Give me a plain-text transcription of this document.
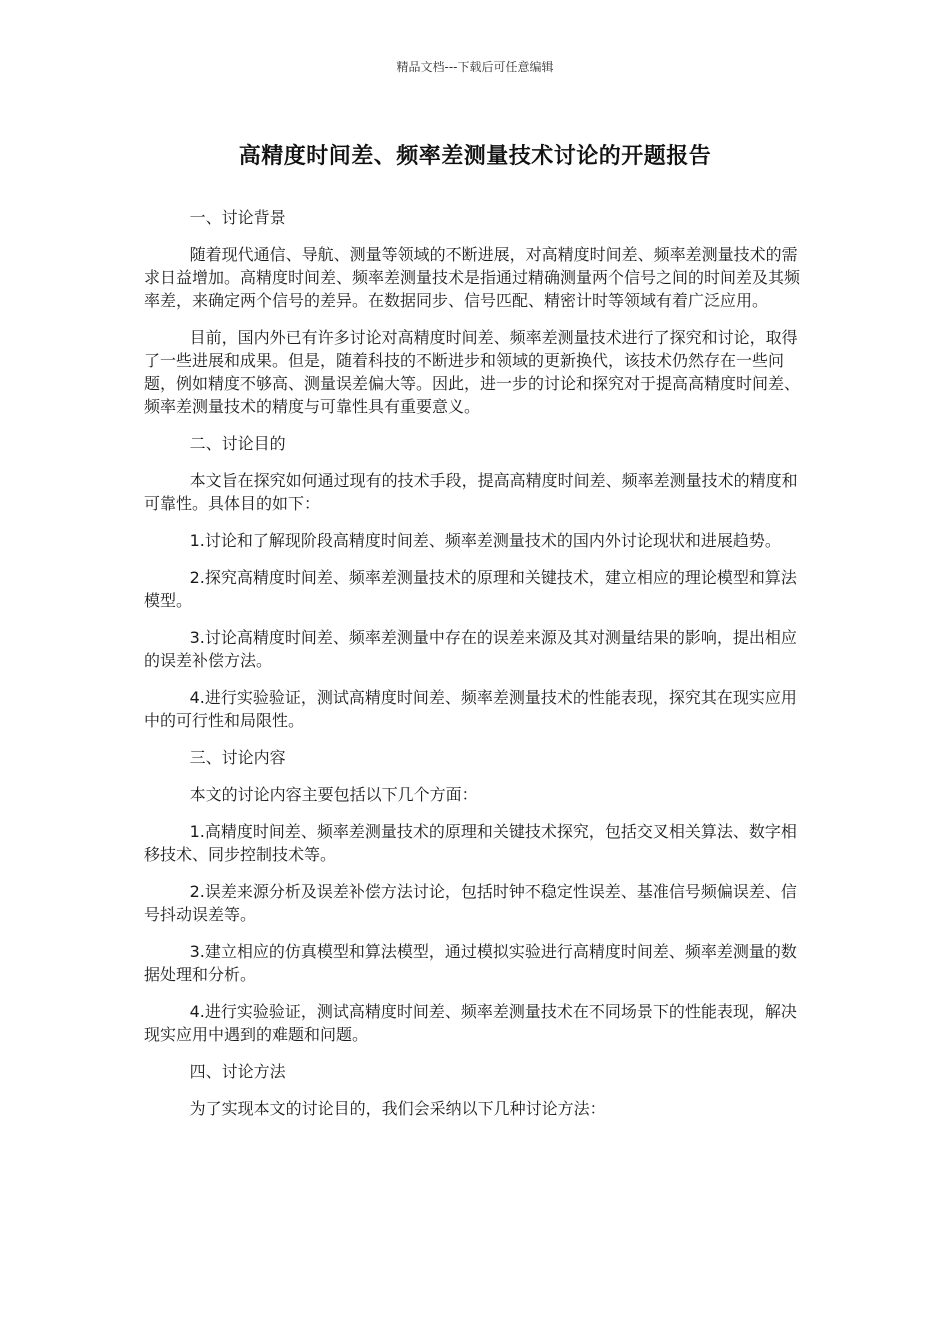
精品文档---下载后可任意编辑
高精度时间差、频率差测量技术讨论的开题报告

一、讨论背景

随着现代通信、导航、测量等领域的不断进展，对高精度时间差、频率差测量技术的需求日益增加。高精度时间差、频率差测量技术是指通过精确测量两个信号之间的时间差及其频率差，来确定两个信号的差异。在数据同步、信号匹配、精密计时等领域有着广泛应用。

目前，国内外已有许多讨论对高精度时间差、频率差测量技术进行了探究和讨论，取得了一些进展和成果。但是，随着科技的不断进步和领域的更新换代，该技术仍然存在一些问题，例如精度不够高、测量误差偏大等。因此，进一步的讨论和探究对于提高高精度时间差、频率差测量技术的精度与可靠性具有重要意义。

二、讨论目的

本文旨在探究如何通过现有的技术手段，提高高精度时间差、频率差测量技术的精度和可靠性。具体目的如下：

1.讨论和了解现阶段高精度时间差、频率差测量技术的国内外讨论现状和进展趋势。

2.探究高精度时间差、频率差测量技术的原理和关键技术，建立相应的理论模型和算法模型。

3.讨论高精度时间差、频率差测量中存在的误差来源及其对测量结果的影响，提出相应的误差补偿方法。

4.进行实验验证，测试高精度时间差、频率差测量技术的性能表现，探究其在现实应用中的可行性和局限性。

三、讨论内容

本文的讨论内容主要包括以下几个方面：

1.高精度时间差、频率差测量技术的原理和关键技术探究，包括交叉相关算法、数字相移技术、同步控制技术等。

2.误差来源分析及误差补偿方法讨论，包括时钟不稳定性误差、基准信号频偏误差、信号抖动误差等。

3.建立相应的仿真模型和算法模型，通过模拟实验进行高精度时间差、频率差测量的数据处理和分析。

4.进行实验验证，测试高精度时间差、频率差测量技术在不同场景下的性能表现，解决现实应用中遇到的难题和问题。

四、讨论方法

为了实现本文的讨论目的，我们会采纳以下几种讨论方法：
